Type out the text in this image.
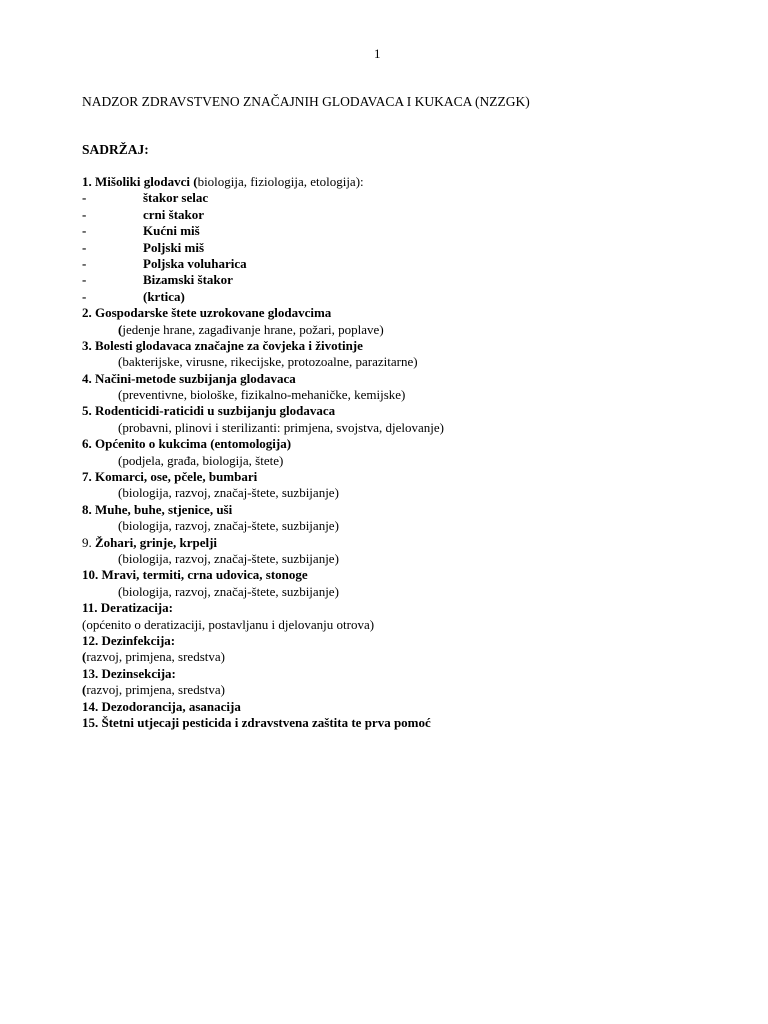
1
NADZOR ZDRAVSTVENO ZNAČAJNIH GLODAVACA I KUKACA (NZZGK)
SADRŽAJ:
1. Mišoliki glodavci (biologija, fiziologija, etologija):
-	štakor selac
-	crni štakor
-	Kućni miš
-	Poljski miš
-	Poljska voluharica
-	Bizamski štakor
-	(krtica)
2. Gospodarske štete uzrokovane glodavcima
(jedenje hrane, zagađivanje hrane, požari, poplave)
3. Bolesti glodavaca značajne za čovjeka i životinje
(bakterijske, virusne, rikecijske, protozoalne, parazitarne)
4. Načini-metode suzbijanja glodavaca
(preventivne, biološke, fizikalno-mehaničke, kemijske)
5. Rodenticidi-raticidi u suzbijanju glodavaca
(probavni, plinovi i sterilizanti: primjena, svojstva, djelovanje)
6. Općenito o kukcima (entomologija)
(podjela, građa, biologija, štete)
7. Komarci, ose, pčele, bumbari
(biologija, razvoj, značaj-štete, suzbijanje)
8. Muhe, buhe, stjenice, uši
(biologija, razvoj, značaj-štete, suzbijanje)
9. Žohari, grinje, krpelji
(biologija, razvoj, značaj-štete, suzbijanje)
10. Mravi, termiti, crna udovica, stonoge
(biologija, razvoj, značaj-štete, suzbijanje)
11. Deratizacija:
(općenito o deratizaciji, postavljanu i djelovanju otrova)
12. Dezinfekcija:
(razvoj, primjena, sredstva)
13. Dezinsekcija:
(razvoj, primjena, sredstva)
14. Dezodorancija, asanacija
15. Štetni utjecaji pesticida i zdravstvena zaštita te prva pomoć
